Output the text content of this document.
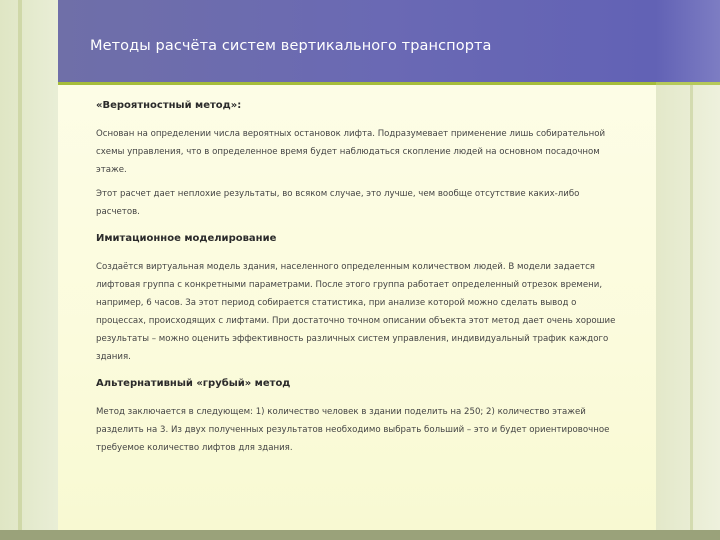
Методы расчёта систем вертикального транспорта

«Вероятностный метод»:

Основан на определении числа вероятных остановок лифта. Подразумевает применение лишь собирательной схемы управления, что в определенное время будет наблюдаться скопление людей на основном посадочном этаже.

Этот расчет дает неплохие результаты, во всяком случае, это лучше, чем вообще отсутствие каких-либо расчетов.

Имитационное моделирование

Создаётся виртуальная модель здания, населенного определенным количеством людей. В модели задается лифтовая группа с конкретными параметрами. После этого группа работает определенный отрезок времени, например, 6 часов. За этот период собирается статистика, при анализе которой можно сделать вывод о процессах, происходящих с лифтами. При достаточно точном описании объекта этот метод дает очень хорошие результаты – можно оценить эффективность различных систем управления, индивидуальный трафик каждого здания.

Альтернативный «грубый» метод

Метод заключается в следующем: 1) количество человек в здании поделить на 250; 2) количество этажей разделить на 3. Из двух полученных результатов необходимо выбрать больший – это и будет ориентировочное требуемое количество лифтов для здания.
